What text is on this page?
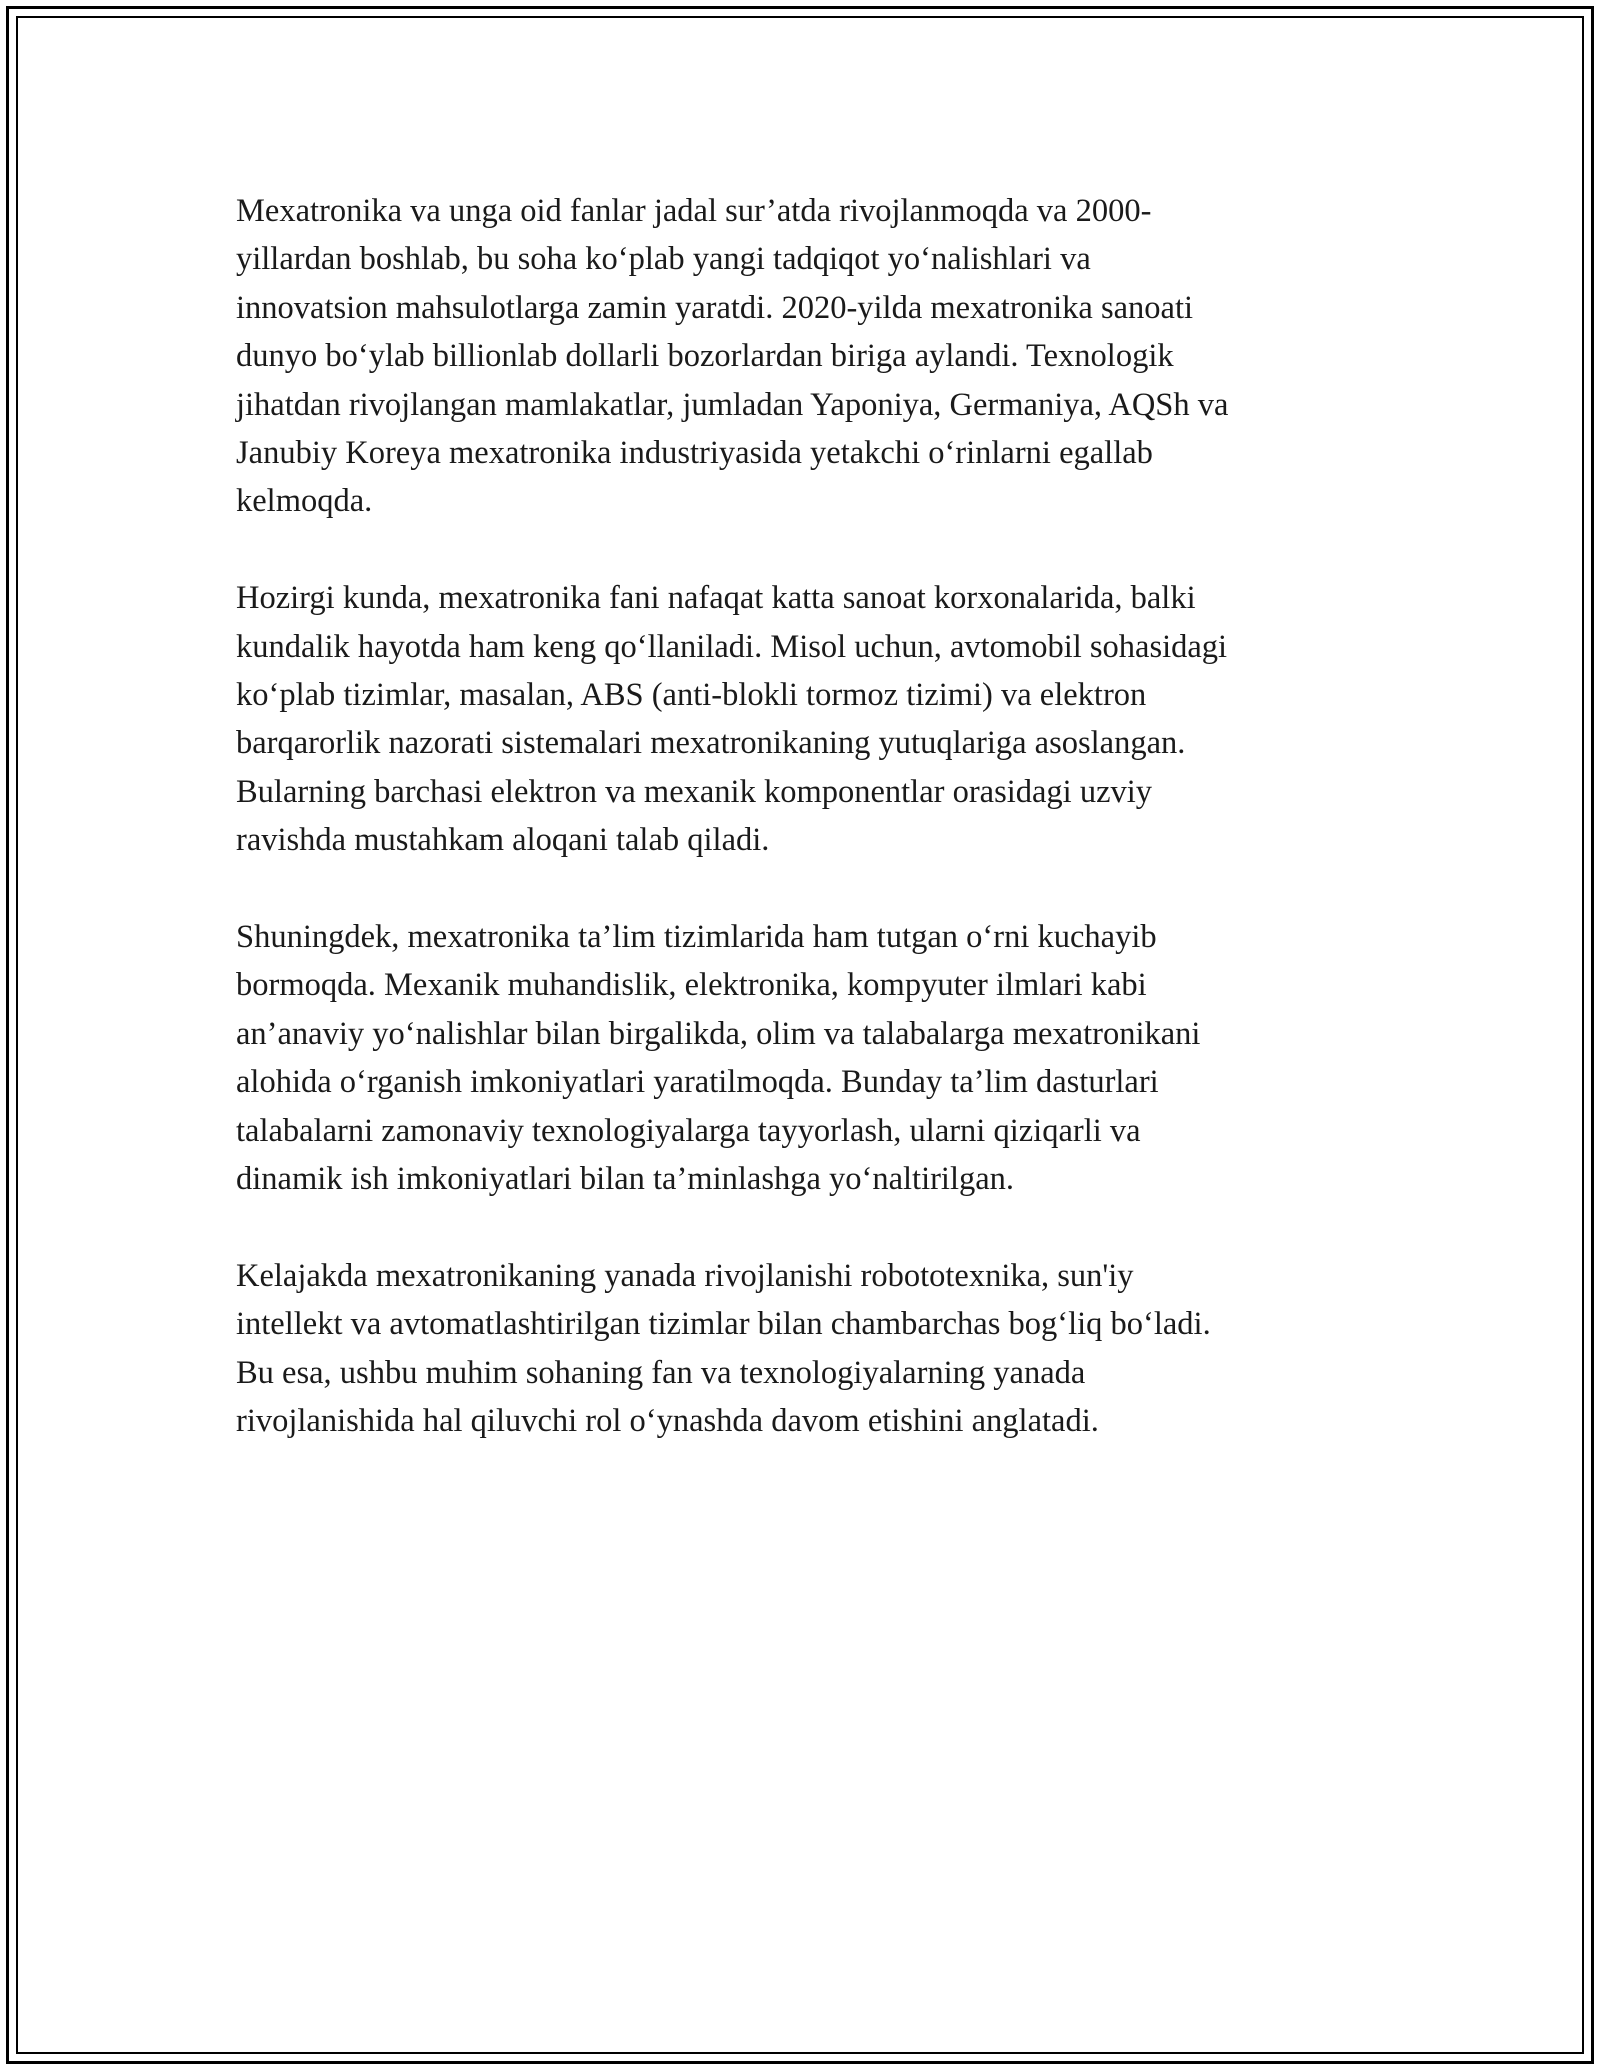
Mexatronika va unga oid fanlar jadal sur’atda rivojlanmoqda va 2000-
yillardan boshlab, bu soha ko‘plab yangi tadqiqot yo‘nalishlari va
innovatsion mahsulotlarga zamin yaratdi. 2020-yilda mexatronika sanoati
dunyo bo‘ylab billionlab dollarli bozorlardan biriga aylandi. Texnologik
jihatdan rivojlangan mamlakatlar, jumladan Yaponiya, Germaniya, AQSh va
Janubiy Koreya mexatronika industriyasida yetakchi o‘rinlarni egallab
kelmoqda.

Hozirgi kunda, mexatronika fani nafaqat katta sanoat korxonalarida, balki
kundalik hayotda ham keng qo‘llaniladi. Misol uchun, avtomobil sohasidagi
ko‘plab tizimlar, masalan, ABS (anti-blokli tormoz tizimi) va elektron
barqarorlik nazorati sistemalari mexatronikaning yutuqlariga asoslangan.
Bularning barchasi elektron va mexanik komponentlar orasidagi uzviy
ravishda mustahkam aloqani talab qiladi.

Shuningdek, mexatronika ta’lim tizimlarida ham tutgan o‘rni kuchayib
bormoqda. Mexanik muhandislik, elektronika, kompyuter ilmlari kabi
an’anaviy yo‘nalishlar bilan birgalikda, olim va talabalarga mexatronikani
alohida o‘rganish imkoniyatlari yaratilmoqda. Bunday ta’lim dasturlari
talabalarni zamonaviy texnologiyalarga tayyorlash, ularni qiziqarli va
dinamik ish imkoniyatlari bilan ta’minlashga yo‘naltirilgan.

Kelajakda mexatronikaning yanada rivojlanishi robototexnika, sun'iy
intellekt va avtomatlashtirilgan tizimlar bilan chambarchas bog‘liq bo‘ladi.
Bu esa, ushbu muhim sohaning fan va texnologiyalarning yanada
rivojlanishida hal qiluvchi rol o‘ynashda davom etishini anglatadi.
